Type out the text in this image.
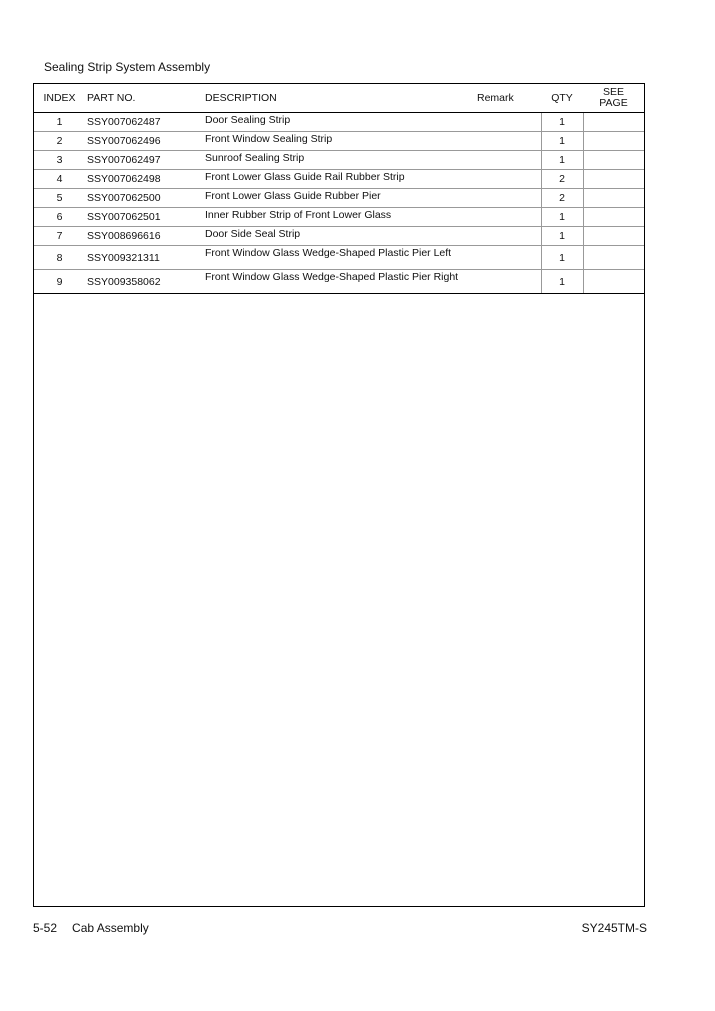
Sealing Strip System Assembly
INDEX	PART NO.	DESCRIPTION	Remark	QTY	SEE
PAGE

1	SSY007062487	Door Sealing Strip		1	
2	SSY007062496	Front Window Sealing Strip		1	
3	SSY007062497	Sunroof Sealing Strip		1	
4	SSY007062498	Front Lower Glass Guide Rail Rubber Strip		2	
5	SSY007062500	Front Lower Glass Guide Rubber Pier		2	
6	SSY007062501	Inner Rubber Strip of Front Lower Glass		1	
7	SSY008696616	Door Side Seal Strip		1	
8	SSY009321311	Front Window Glass Wedge-Shaped Plastic Pier Left		1	
9	SSY009358062	Front Window Glass Wedge-Shaped Plastic Pier Right		1	
5-52 Cab Assembly	SY245TM-S
